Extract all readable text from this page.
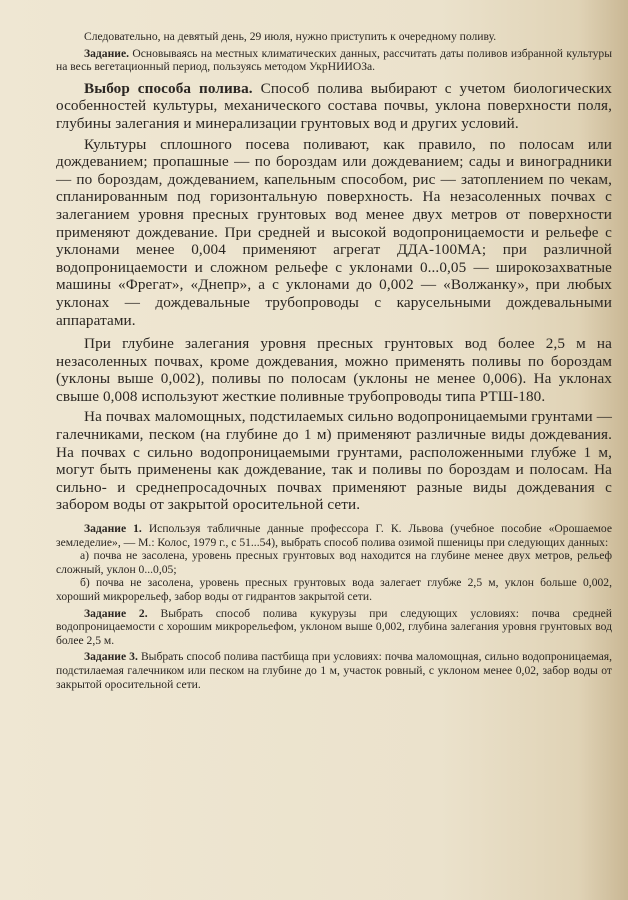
Следовательно, на девятый день, 29 июля, нужно приступить к очередному поливу.

Задание. Основываясь на местных климатических данных, рассчитать даты поливов избранной культуры на весь вегетационный период, пользуясь методом УкрНИИОЗа.

Выбор способа полива. Способ полива выбирают с учетом биологических особенностей культуры, механического состава почвы, уклона поверхности поля, глубины залегания и минерализации грунтовых вод и других условий.

Культуры сплошного посева поливают, как правило, по полосам или дождеванием; пропашные — по бороздам или дождеванием; сады и виноградники — по бороздам, дождеванием, капельным способом, рис — затоплением по чекам, спланированным под горизонтальную поверхность. На незасоленных почвах с залеганием уровня пресных грунтовых вод менее двух метров от поверхности применяют дождевание. При средней и высокой водопроницаемости и рельефе с уклонами менее 0,004 применяют агрегат ДДА-100МА; при различной водопроницаемости и сложном рельефе с уклонами 0...0,05 — широкозахватные машины «Фрегат», «Днепр», а с уклонами до 0,002 — «Волжанку», при любых уклонах — дождевальные трубопроводы с карусельными дождевальными аппаратами.

При глубине залегания уровня пресных грунтовых вод более 2,5 м на незасоленных почвах, кроме дождевания, можно применять поливы по бороздам (уклоны выше 0,002), поливы по полосам (уклоны не менее 0,006). На уклонах свыше 0,008 используют жесткие поливные трубопроводы типа РТШ-180.

На почвах маломощных, подстилаемых сильно водопроницаемыми грунтами — галечниками, песком (на глубине до 1 м) применяют различные виды дождевания. На почвах с сильно водопроницаемыми грунтами, расположенными глубже 1 м, могут быть применены как дождевание, так и поливы по бороздам и полосам. На сильно- и среднепросадочных почвах применяют разные виды дождевания с забором воды от закрытой оросительной сети.

Задание 1. Используя табличные данные профессора Г. К. Львова (учебное пособие «Орошаемое земледелие», — М.: Колос, 1979 г., с 51...54), выбрать способ полива озимой пшеницы при следующих данных:

а) почва не засолена, уровень пресных грунтовых вод находится на глубине менее двух метров, рельеф сложный, уклон 0...0,05;

б) почва не засолена, уровень пресных грунтовых вода залегает глубже 2,5 м, уклон больше 0,002, хороший микрорельеф, забор воды от гидрантов закрытой сети.

Задание 2. Выбрать способ полива кукурузы при следующих условиях: почва средней водопроницаемости с хорошим микрорельефом, уклоном выше 0,002, глубина залегания уровня грунтовых вод более 2,5 м.

Задание 3. Выбрать способ полива пастбища при условиях: почва маломощная, сильно водопроницаемая, подстилаемая галечником или песком на глубине до 1 м, участок ровный, с уклоном менее 0,02, забор воды от закрытой оросительной сети.
